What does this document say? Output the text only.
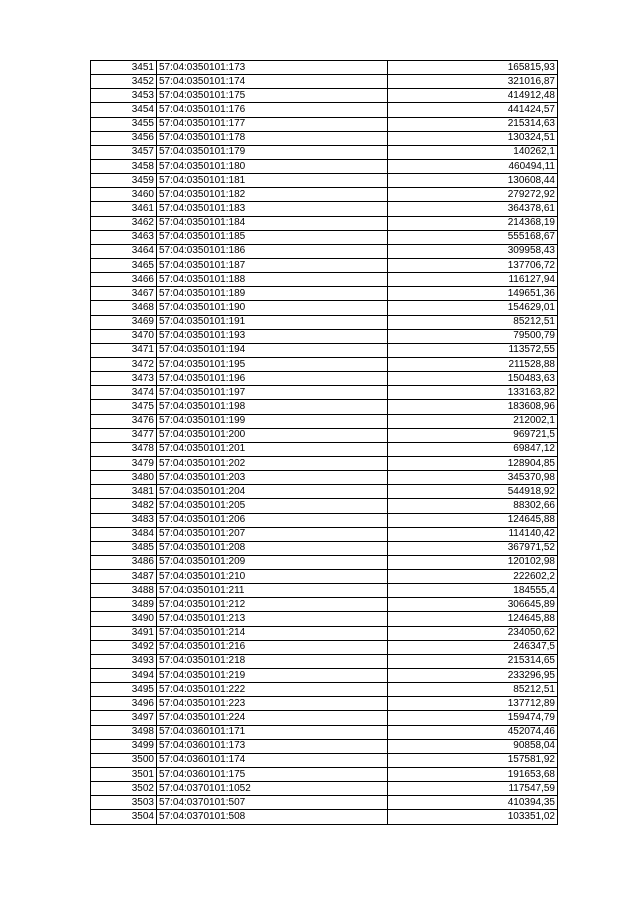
3451	57:04:0350101:173	165815,93
3452	57:04:0350101:174	321016,87
3453	57:04:0350101:175	414912,48
3454	57:04:0350101:176	441424,57
3455	57:04:0350101:177	215314,63
3456	57:04:0350101:178	130324,51
3457	57:04:0350101:179	140262,1
3458	57:04:0350101:180	460494,11
3459	57:04:0350101:181	130608,44
3460	57:04:0350101:182	279272,92
3461	57:04:0350101:183	364378,61
3462	57:04:0350101:184	214368,19
3463	57:04:0350101:185	555168,67
3464	57:04:0350101:186	309958,43
3465	57:04:0350101:187	137706,72
3466	57:04:0350101:188	116127,94
3467	57:04:0350101:189	149651,36
3468	57:04:0350101:190	154629,01
3469	57:04:0350101:191	85212,51
3470	57:04:0350101:193	79500,79
3471	57:04:0350101:194	113572,55
3472	57:04:0350101:195	211528,88
3473	57:04:0350101:196	150483,63
3474	57:04:0350101:197	133163,82
3475	57:04:0350101:198	183608,96
3476	57:04:0350101:199	212002,1
3477	57:04:0350101:200	969721,5
3478	57:04:0350101:201	69847,12
3479	57:04:0350101:202	128904,85
3480	57:04:0350101:203	345370,98
3481	57:04:0350101:204	544918,92
3482	57:04:0350101:205	88302,66
3483	57:04:0350101:206	124645,88
3484	57:04:0350101:207	114140,42
3485	57:04:0350101:208	367971,52
3486	57:04:0350101:209	120102,98
3487	57:04:0350101:210	222602,2
3488	57:04:0350101:211	184555,4
3489	57:04:0350101:212	306645,89
3490	57:04:0350101:213	124645,88
3491	57:04:0350101:214	234050,62
3492	57:04:0350101:216	246347,5
3493	57:04:0350101:218	215314,65
3494	57:04:0350101:219	233296,95
3495	57:04:0350101:222	85212,51
3496	57:04:0350101:223	137712,89
3497	57:04:0350101:224	159474,79
3498	57:04:0360101:171	452074,46
3499	57:04:0360101:173	90858,04
3500	57:04:0360101:174	157581,92
3501	57:04:0360101:175	191653,68
3502	57:04:0370101:1052	117547,59
3503	57:04:0370101:507	410394,35
3504	57:04:0370101:508	103351,02
